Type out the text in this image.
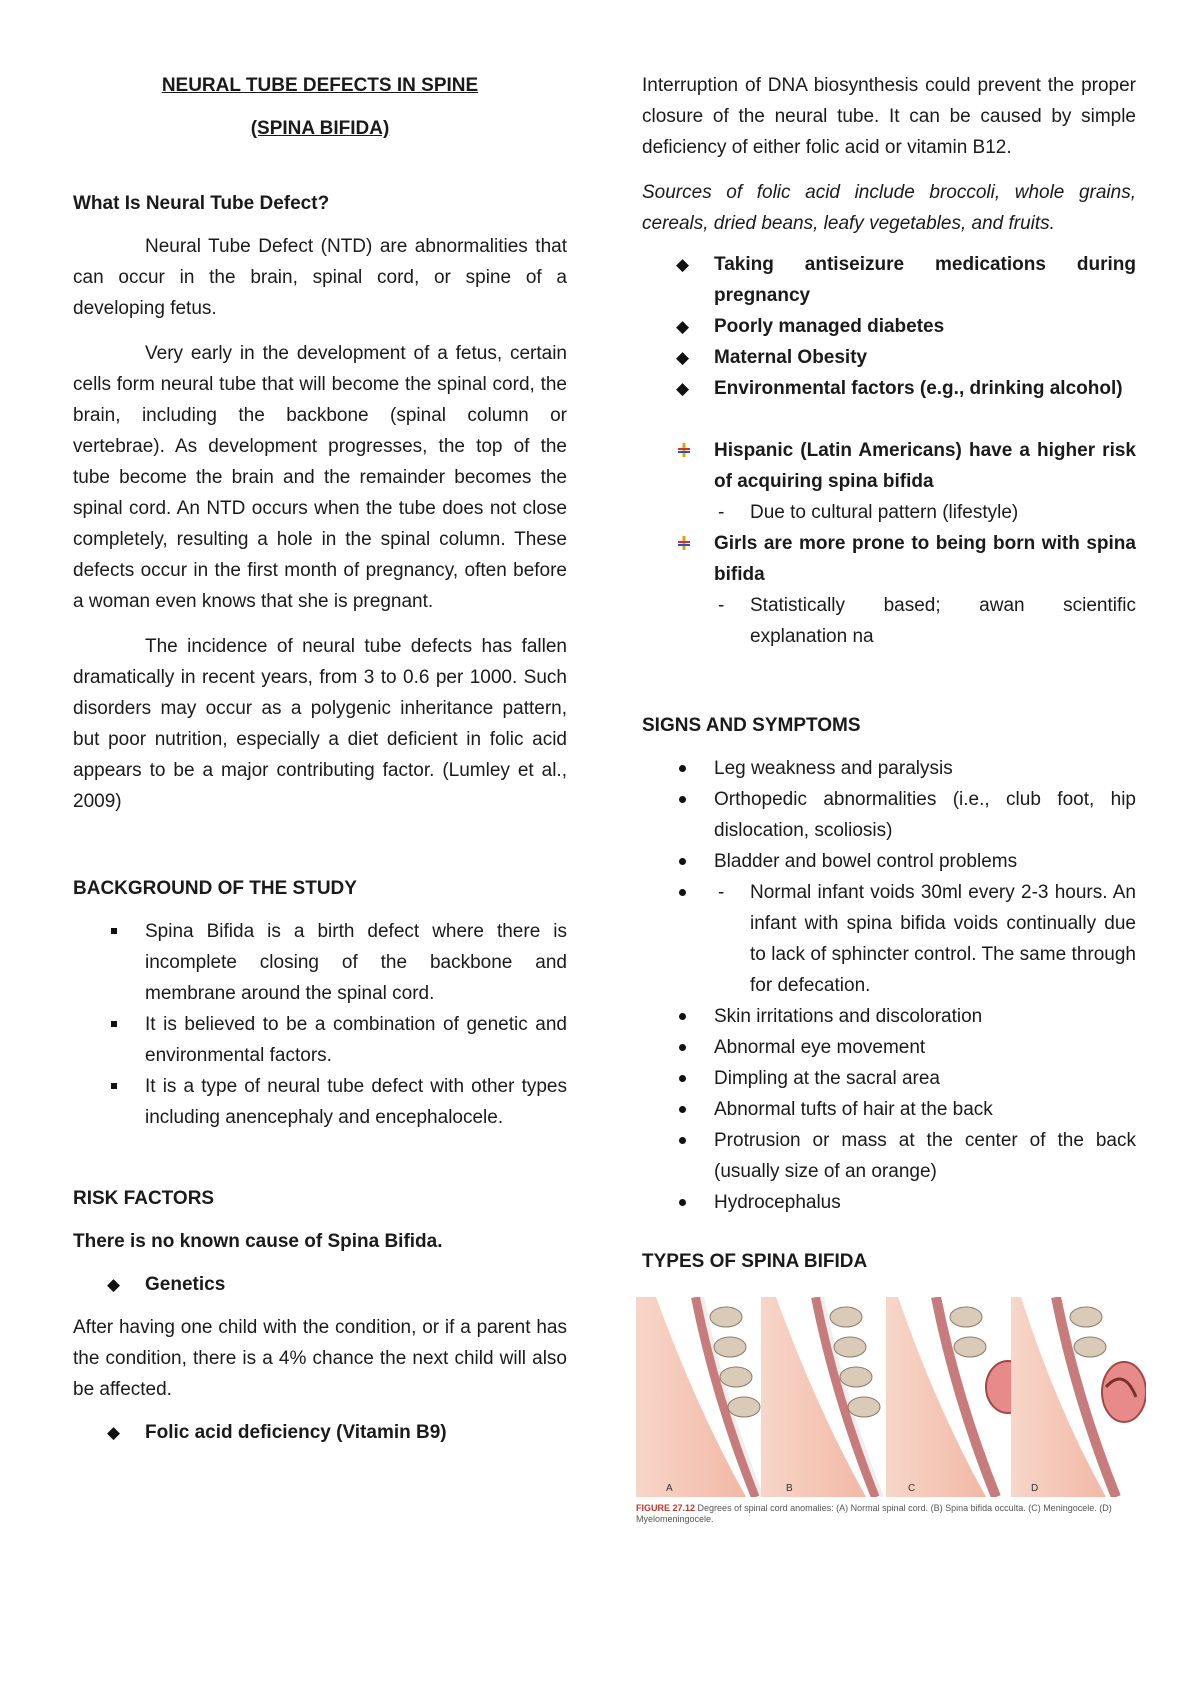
NEURAL TUBE DEFECTS IN SPINE

(SPINA BIFIDA)

What Is Neural Tube Defect?

Neural Tube Defect (NTD) are abnormalities that can occur in the brain, spinal cord, or spine of a developing fetus.

Very early in the development of a fetus, certain cells form neural tube that will become the spinal cord, the brain, including the backbone (spinal column or vertebrae). As development progresses, the top of the tube become the brain and the remainder becomes the spinal cord. An NTD occurs when the tube does not close completely, resulting a hole in the spinal column. These defects occur in the first month of pregnancy, often before a woman even knows that she is pregnant.

The incidence of neural tube defects has fallen dramatically in recent years, from 3 to 0.6 per 1000. Such disorders may occur as a polygenic inheritance pattern, but poor nutrition, especially a diet deficient in folic acid appears to be a major contributing factor. (Lumley et al., 2009)

BACKGROUND OF THE STUDY

Spina Bifida is a birth defect where there is incomplete closing of the backbone and membrane around the spinal cord.
It is believed to be a combination of genetic and environmental factors.
It is a type of neural tube defect with other types including anencephaly and encephalocele.

RISK FACTORS

There is no known cause of Spina Bifida.

◆ Genetics

After having one child with the condition, or if a parent has the condition, there is a 4% chance the next child will also be affected.

◆ Folic acid deficiency (Vitamin B9)

Interruption of DNA biosynthesis could prevent the proper closure of the neural tube. It can be caused by simple deficiency of either folic acid or vitamin B12.

Sources of folic acid include broccoli, whole grains, cereals, dried beans, leafy vegetables, and fruits.

◆ Taking antiseizure medications during pregnancy
◆ Poorly managed diabetes
◆ Maternal Obesity
◆ Environmental factors (e.g., drinking alcohol)
Hispanic (Latin Americans) have a higher risk of acquiring spina bifida
- Due to cultural pattern (lifestyle)
Girls are more prone to being born with spina bifida
- Statistically based; awan scientific explanation na

SIGNS AND SYMPTOMS

Leg weakness and paralysis
Orthopedic abnormalities (i.e., club foot, hip dislocation, scoliosis)
Bladder and bowel control problems
- Normal infant voids 30ml every 2-3 hours. An infant with spina bifida voids continually due to lack of sphincter control. The same through for defecation.
Skin irritations and discoloration
Abnormal eye movement
Dimpling at the sacral area
Abnormal tufts of hair at the back
Protrusion or mass at the center of the back (usually size of an orange)
Hydrocephalus

TYPES OF SPINA BIFIDA

A	B	C	D

FIGURE 27.12 Degrees of spinal cord anomalies: (A) Normal spinal cord. (B) Spina bifida occulta. (C) Meningocele. (D) Myelomeningocele.
